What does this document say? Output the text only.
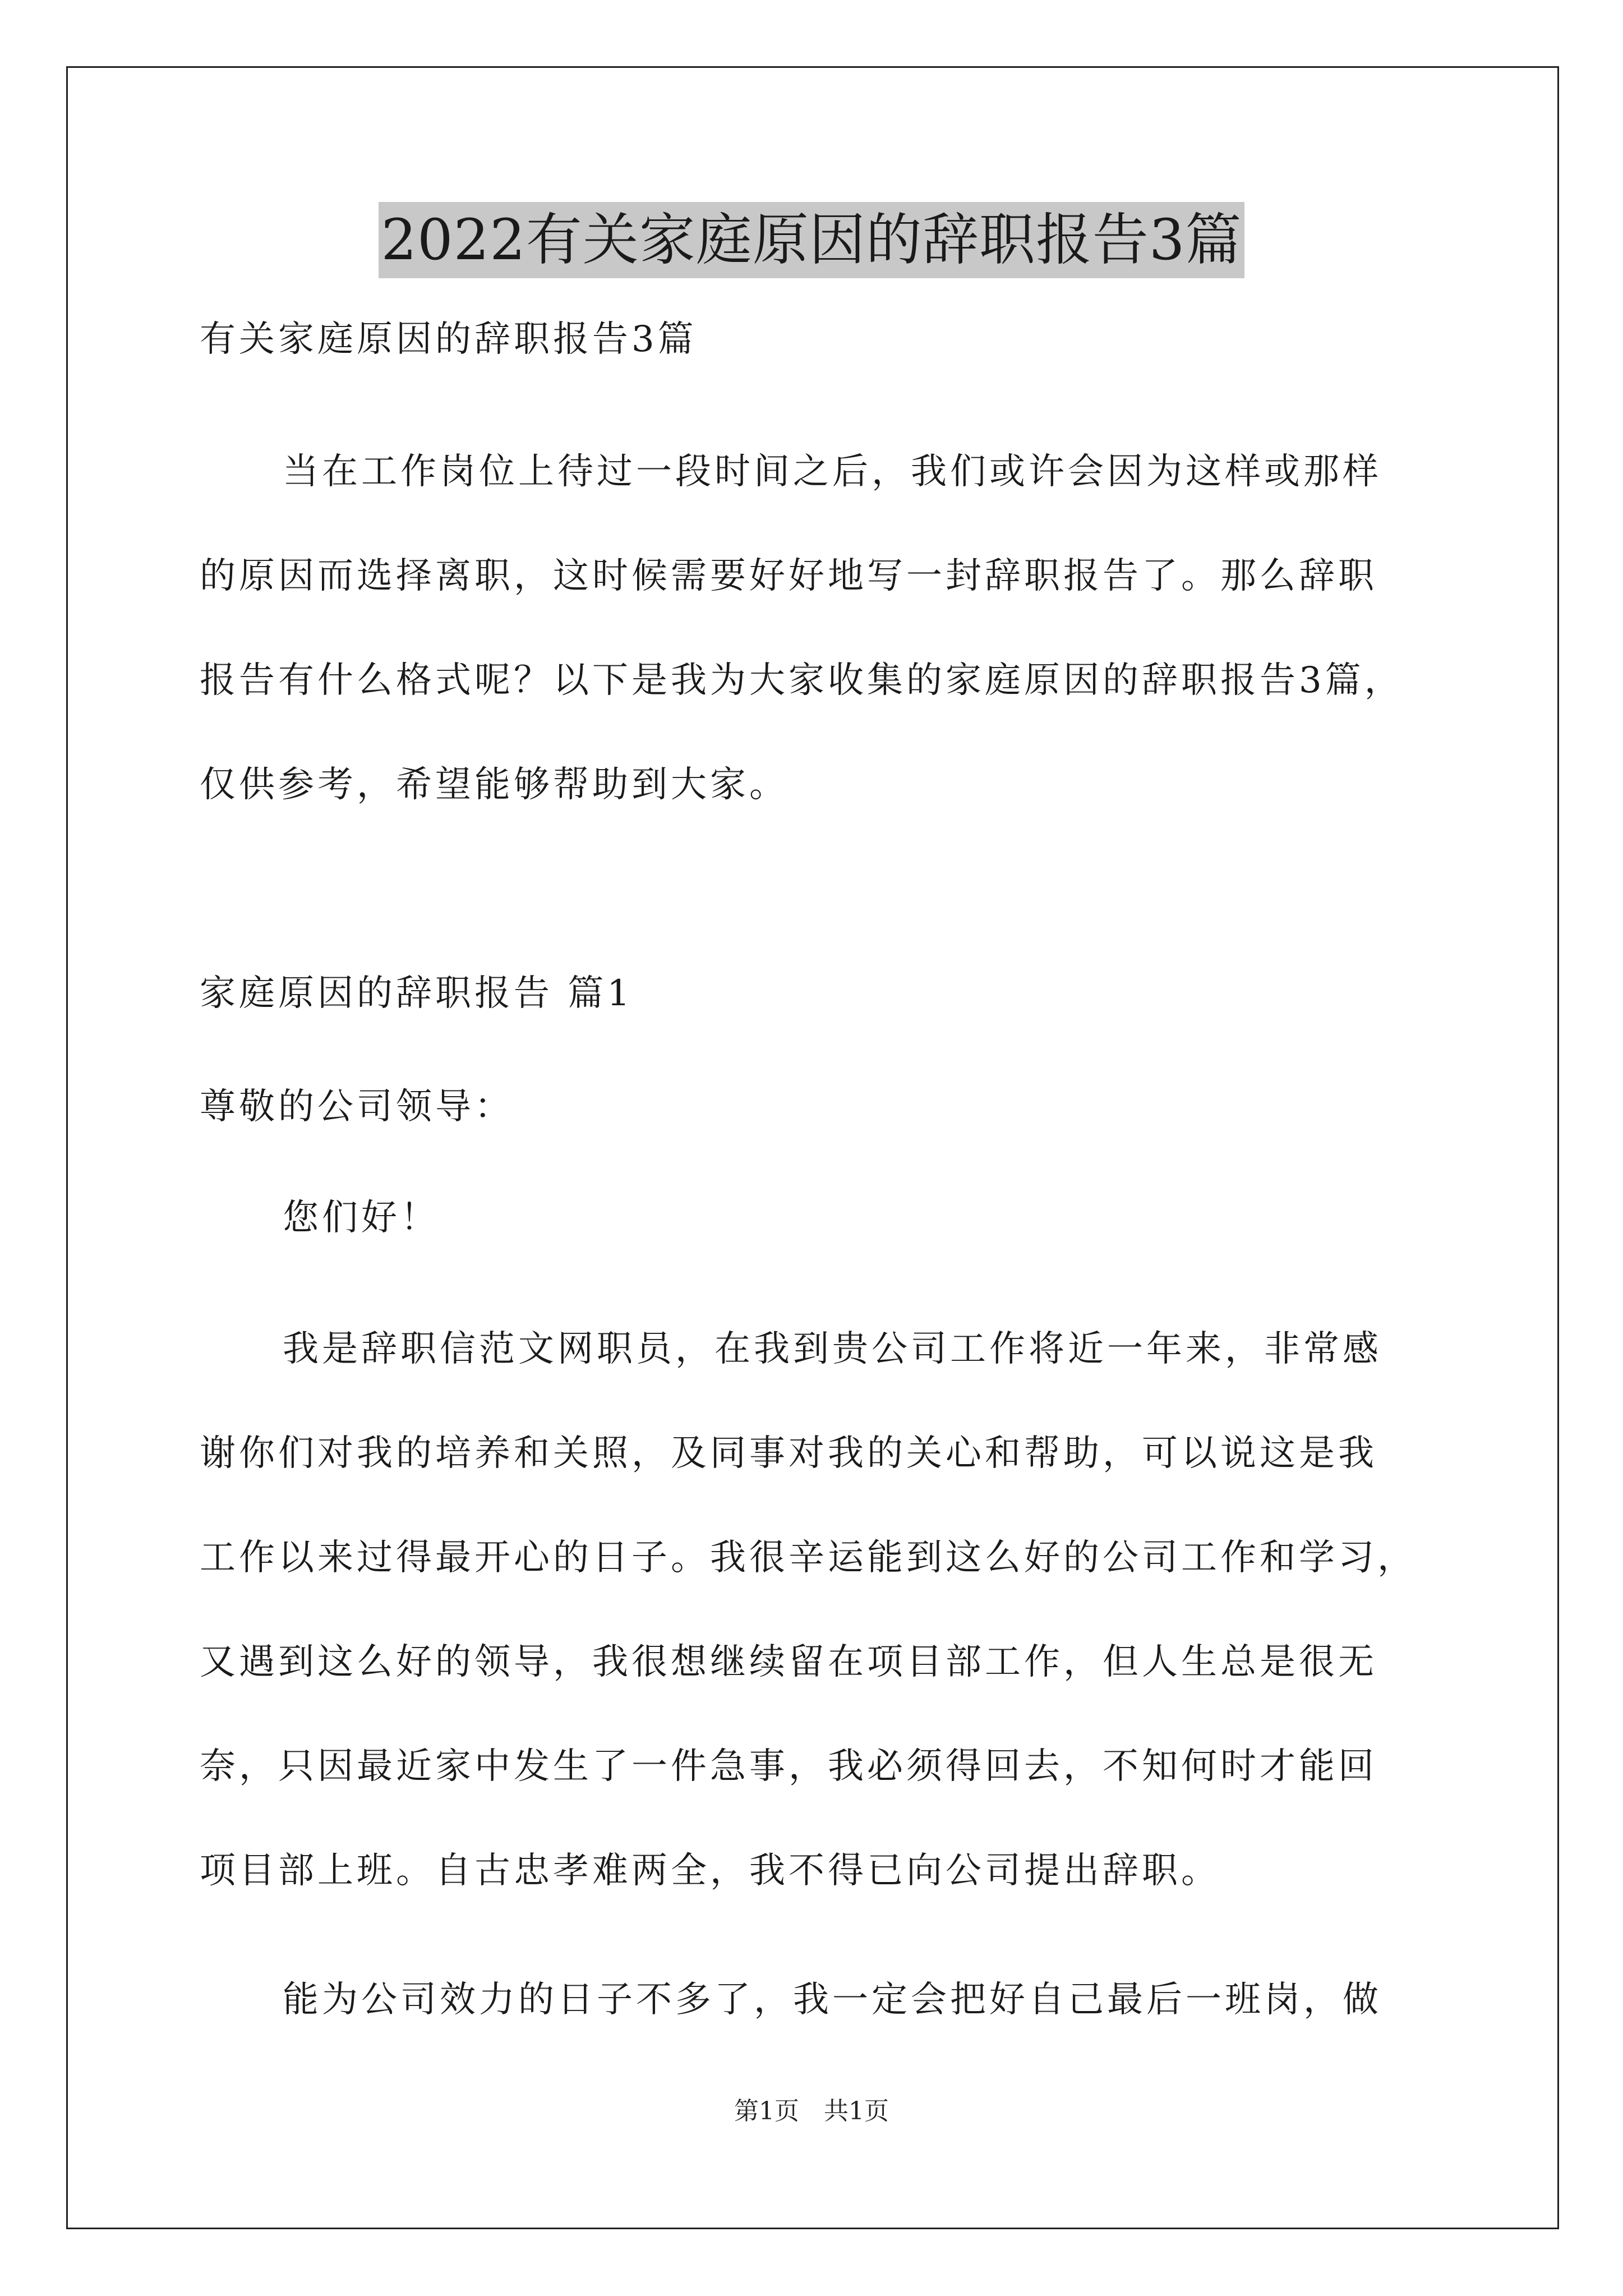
2022有关家庭原因的辞职报告3篇
有关家庭原因的辞职报告3篇
当在工作岗位上待过一段时间之后，我们或许会因为这样或那样
的原因而选择离职，这时候需要好好地写一封辞职报告了。那么辞职
报告有什么格式呢？以下是我为大家收集的家庭原因的辞职报告3篇，
仅供参考，希望能够帮助到大家。
家庭原因的辞职报告 篇1
尊敬的公司领导：
您们好！
我是辞职信范文网职员，在我到贵公司工作将近一年来，非常感
谢你们对我的培养和关照，及同事对我的关心和帮助，可以说这是我
工作以来过得最开心的日子。我很辛运能到这么好的公司工作和学习，
又遇到这么好的领导，我很想继续留在项目部工作，但人生总是很无
奈，只因最近家中发生了一件急事，我必须得回去，不知何时才能回
项目部上班。自古忠孝难两全，我不得已向公司提出辞职。
能为公司效力的日子不多了，我一定会把好自己最后一班岗，做
第1页　共1页
